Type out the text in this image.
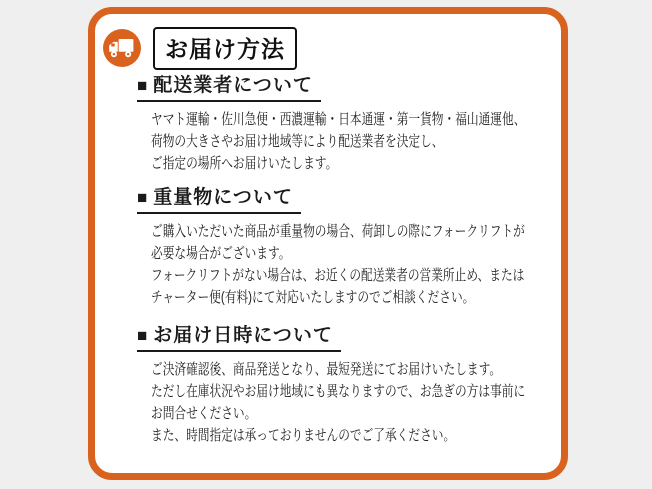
お届け方法
■ 配送業者について
ヤマト運輸・佐川急便・西濃運輸・日本通運・第一貨物・福山通運他、
荷物の大きさやお届け地域等により配送業者を決定し、
ご指定の場所へお届けいたします。
■ 重量物について
ご購入いただいた商品が重量物の場合、荷卸しの際にフォークリフトが
必要な場合がございます。
フォークリフトがない場合は、お近くの配送業者の営業所止め、または
チャーター便(有料)にて対応いたしますのでご相談ください。
■ お届け日時について
ご決済確認後、商品発送となり、最短発送にてお届けいたします。
ただし在庫状況やお届け地域にも異なりますので、お急ぎの方は事前に
お問合せください。
また、時間指定は承っておりませんのでご了承ください。
